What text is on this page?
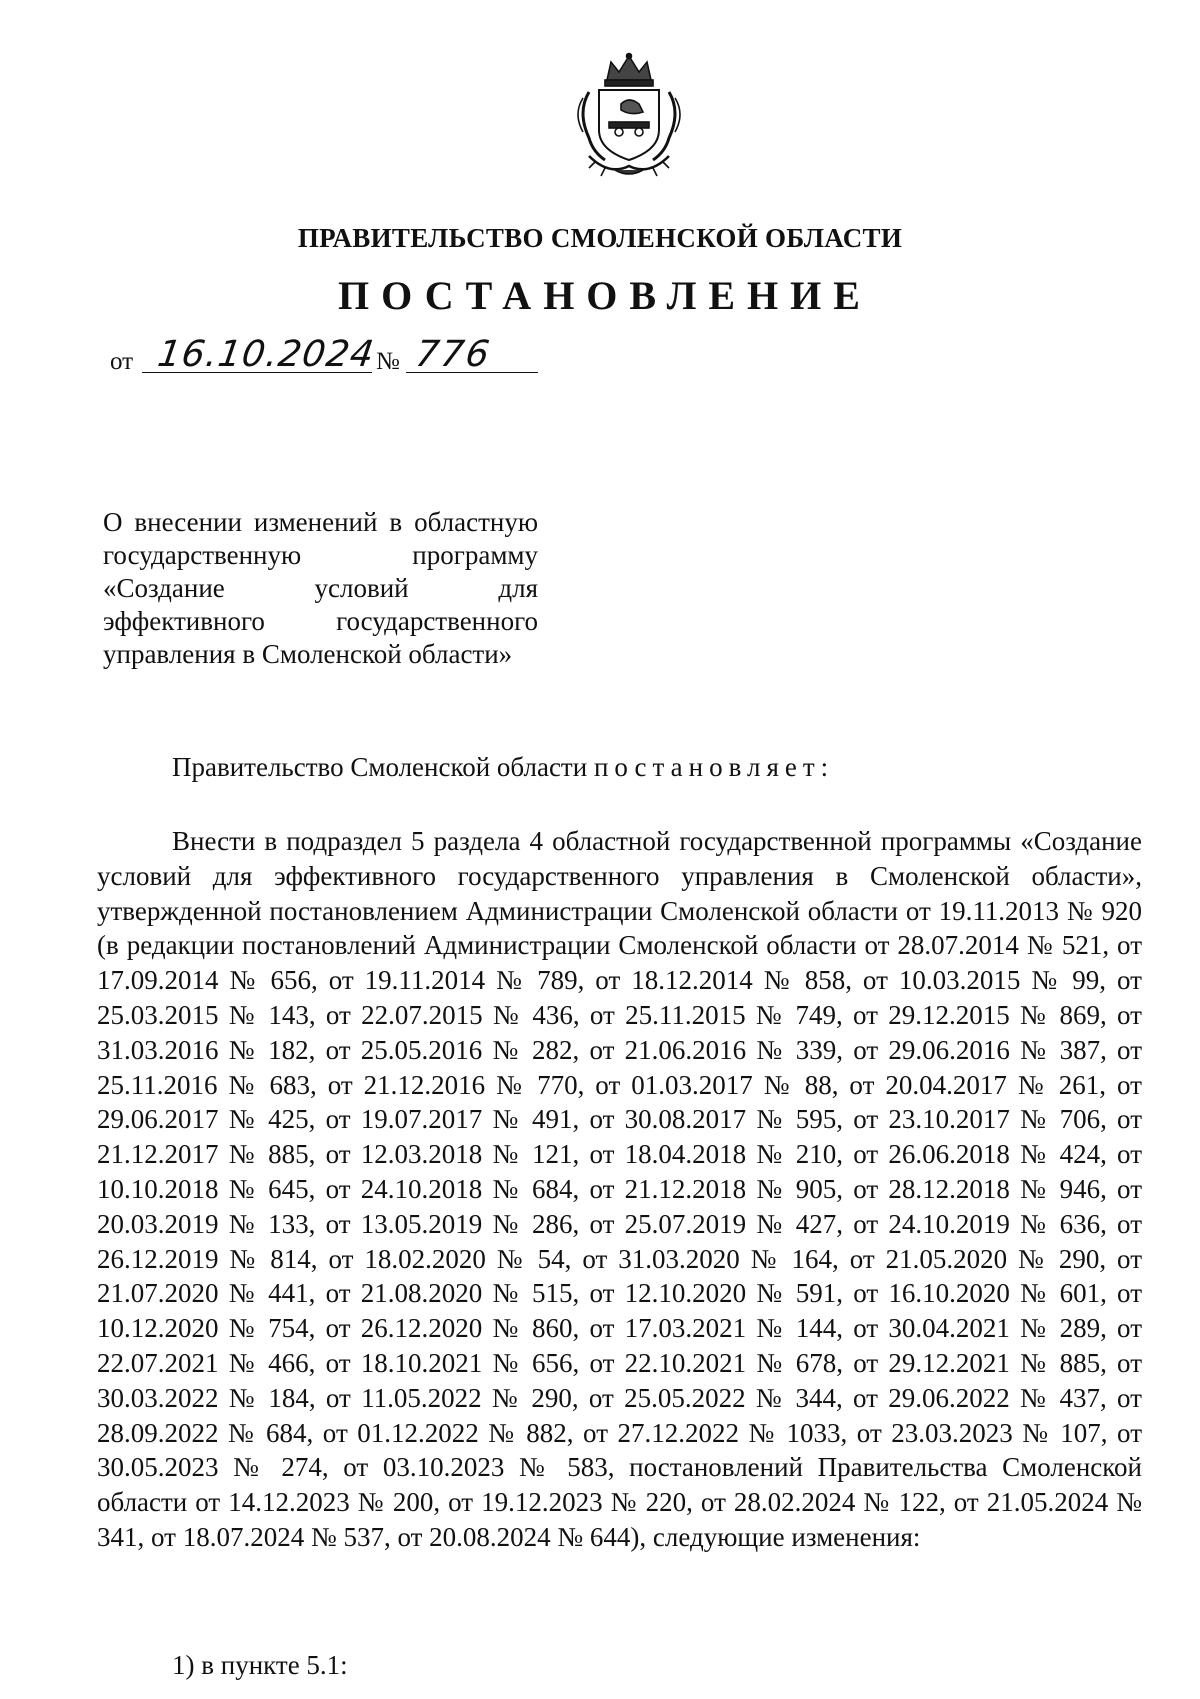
ПРАВИТЕЛЬСТВО СМОЛЕНСКОЙ ОБЛАСТИ
ПОСТАНОВЛЕНИЕ
от 16.10.2024
№ 776
О внесении изменений в областную государственную программу «Создание условий для эффективного государственного управления в Смоленской области»
Правительство Смоленской области постановляет:
Внести в подраздел 5 раздела 4 областной государственной программы «Создание условий для эффективного государственного управления в Смоленской области», утвержденной постановлением Администрации Смоленской области от 19.11.2013 № 920 (в редакции постановлений Администрации Смоленской области от 28.07.2014 № 521, от 17.09.2014 № 656, от 19.11.2014 № 789, от 18.12.2014 № 858, от 10.03.2015 № 99, от 25.03.2015 № 143, от 22.07.2015 № 436, от 25.11.2015 № 749, от 29.12.2015 № 869, от 31.03.2016 № 182, от 25.05.2016 № 282, от 21.06.2016 № 339, от 29.06.2016 № 387, от 25.11.2016 № 683, от 21.12.2016 № 770, от 01.03.2017 № 88, от 20.04.2017 № 261, от 29.06.2017 № 425, от 19.07.2017 № 491, от 30.08.2017 № 595, от 23.10.2017 № 706, от 21.12.2017 № 885, от 12.03.2018 № 121, от 18.04.2018 № 210, от 26.06.2018 № 424, от 10.10.2018 № 645, от 24.10.2018 № 684, от 21.12.2018 № 905, от 28.12.2018 № 946, от 20.03.2019 № 133, от 13.05.2019 № 286, от 25.07.2019 № 427, от 24.10.2019 № 636, от 26.12.2019 № 814, от 18.02.2020 № 54, от 31.03.2020 № 164, от 21.05.2020 № 290, от 21.07.2020 № 441, от 21.08.2020 № 515, от 12.10.2020 № 591, от 16.10.2020 № 601, от 10.12.2020 № 754, от 26.12.2020 № 860, от 17.03.2021 № 144, от 30.04.2021 № 289, от 22.07.2021 № 466, от 18.10.2021 № 656, от 22.10.2021 № 678, от 29.12.2021 № 885, от 30.03.2022 № 184, от 11.05.2022 № 290, от 25.05.2022 № 344, от 29.06.2022 № 437, от 28.09.2022 № 684, от 01.12.2022 № 882, от 27.12.2022 № 1033, от 23.03.2023 № 107, от 30.05.2023 № 274, от 03.10.2023 № 583, постановлений Правительства Смоленской области от 14.12.2023 № 200, от 19.12.2023 № 220, от 28.02.2024 № 122, от 21.05.2024 № 341, от 18.07.2024 № 537, от 20.08.2024 № 644), следующие изменения:
1) в пункте 5.1:
